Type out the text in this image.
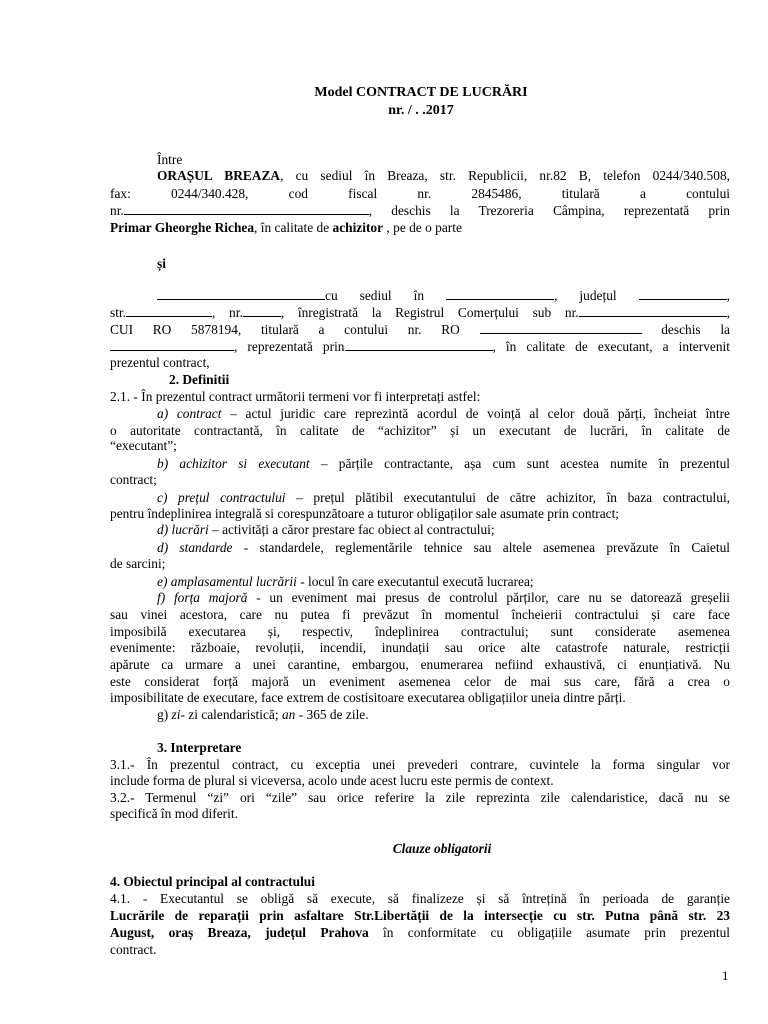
Model CONTRACT DE LUCRĂRI
nr. / . .2017
Între
ORAȘUL BREAZA, cu sediul în Breaza, str. Republicii, nr.82 B, telefon 0244/340.508,
fax: 0244/340.428, cod fiscal nr. 2845486, titulară a contului
nr.	, deschis la Trezoreria Câmpina, reprezentată prin
Primar Gheorghe Richea, în calitate de achizitor , pe de o parte
și
cu sediul în	, județul	,
str.	, nr.	, înregistrată la Registrul Comerțului sub nr.	,
CUI RO 5878194, titulară a contului nr. RO	deschis la
, reprezentată prin	, în calitate de executant, a intervenit
prezentul contract,
2. Definitii
2.1. - În prezentul contract următorii termeni vor fi interpretați astfel:
a) contract – actul juridic care reprezintă acordul de voință al celor două părți, încheiat între
o autoritate contractantă, în calitate de “achizitor” și un executant de lucrări, în calitate de
“executant”;
b) achizitor si executant – părțile contractante, așa cum sunt acestea numite în prezentul
contract;
c) prețul contractului – prețul plătibil executantului de către achizitor, în baza contractului,
pentru îndeplinirea integrală si corespunzătoare a tuturor obligaților sale asumate prin contract;
d) lucrări – activități a căror prestare fac obiect al contractului;
d) standarde - standardele, reglementările tehnice sau altele asemenea prevăzute în Caietul
de sarcini;
e) amplasamentul lucrării - locul în care executantul execută lucrarea;
f) forța majoră - un eveniment mai presus de controlul părților, care nu se datorează greșelii
sau vinei acestora, care nu putea fi prevăzut în momentul încheierii contractului și care face
imposibilă executarea și, respectiv, îndeplinirea contractului; sunt considerate asemenea
evenimente: războaie, revoluții, incendii, inundații sau orice alte catastrofe naturale, restricții
apărute ca urmare a unei carantine, embargou, enumerarea nefiind exhaustivă, ci enunțiativă. Nu
este considerat forță majoră un eveniment asemenea celor de mai sus care, fără a crea o
imposibilitate de executare, face extrem de costisitoare executarea obligațiilor uneia dintre părți.
g) zi- zi calendaristică; an - 365 de zile.
3. Interpretare
3.1.- În prezentul contract, cu exceptia unei prevederi contrare, cuvintele la forma singular vor
include forma de plural si viceversa, acolo unde acest lucru este permis de context.
3.2.- Termenul “zi” ori “zile” sau orice referire la zile reprezinta zile calendaristice, dacă nu se
specifică în mod diferit.
Clauze obligatorii
4. Obiectul principal al contractului
4.1. - Executantul se obligă să execute, să finalizeze și să întrețină în perioada de garanție
Lucrările de reparații prin asfaltare Str.Libertății de la intersecție cu str. Putna până str. 23
August, oraș Breaza, județul Prahova în conformitate cu obligațiile asumate prin prezentul
contract.
1
